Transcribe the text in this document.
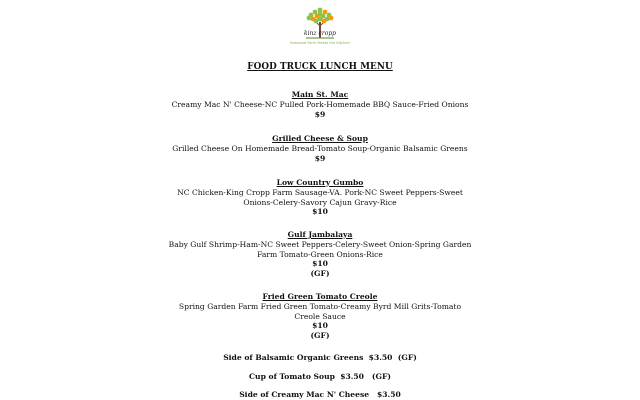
kinz cropp
Seasonal Farm Meets the Kitchen
FOOD TRUCK LUNCH MENU
Main St. Mac
Creamy Mac N' Cheese-NC Pulled Pork-Homemade BBQ Sauce-Fried Onions
$9
Grilled Cheese & Soup
Grilled Cheese On Homemade Bread-Tomato Soup-Organic Balsamic Greens
$9
Low Country Gumbo
NC Chicken-King Cropp Farm Sausage-VA. Pork-NC Sweet Peppers-Sweet Onions-Celery-Savory Cajun Gravy-Rice
$10
Gulf Jambalaya
Baby Gulf Shrimp-Ham-NC Sweet Peppers-Celery-Sweet Onion-Spring Garden Farm Tomato-Green Onions-Rice
$10
(GF)
Fried Green Tomato Creole
Spring Garden Farm Fried Green Tomato-Creamy Byrd Mill Grits-Tomato Creole Sauce
$10
(GF)
Side of Balsamic Organic Greens  $3.50  (GF)
Cup of Tomato Soup  $3.50   (GF)
Side of Creamy Mac N' Cheese   $3.50
